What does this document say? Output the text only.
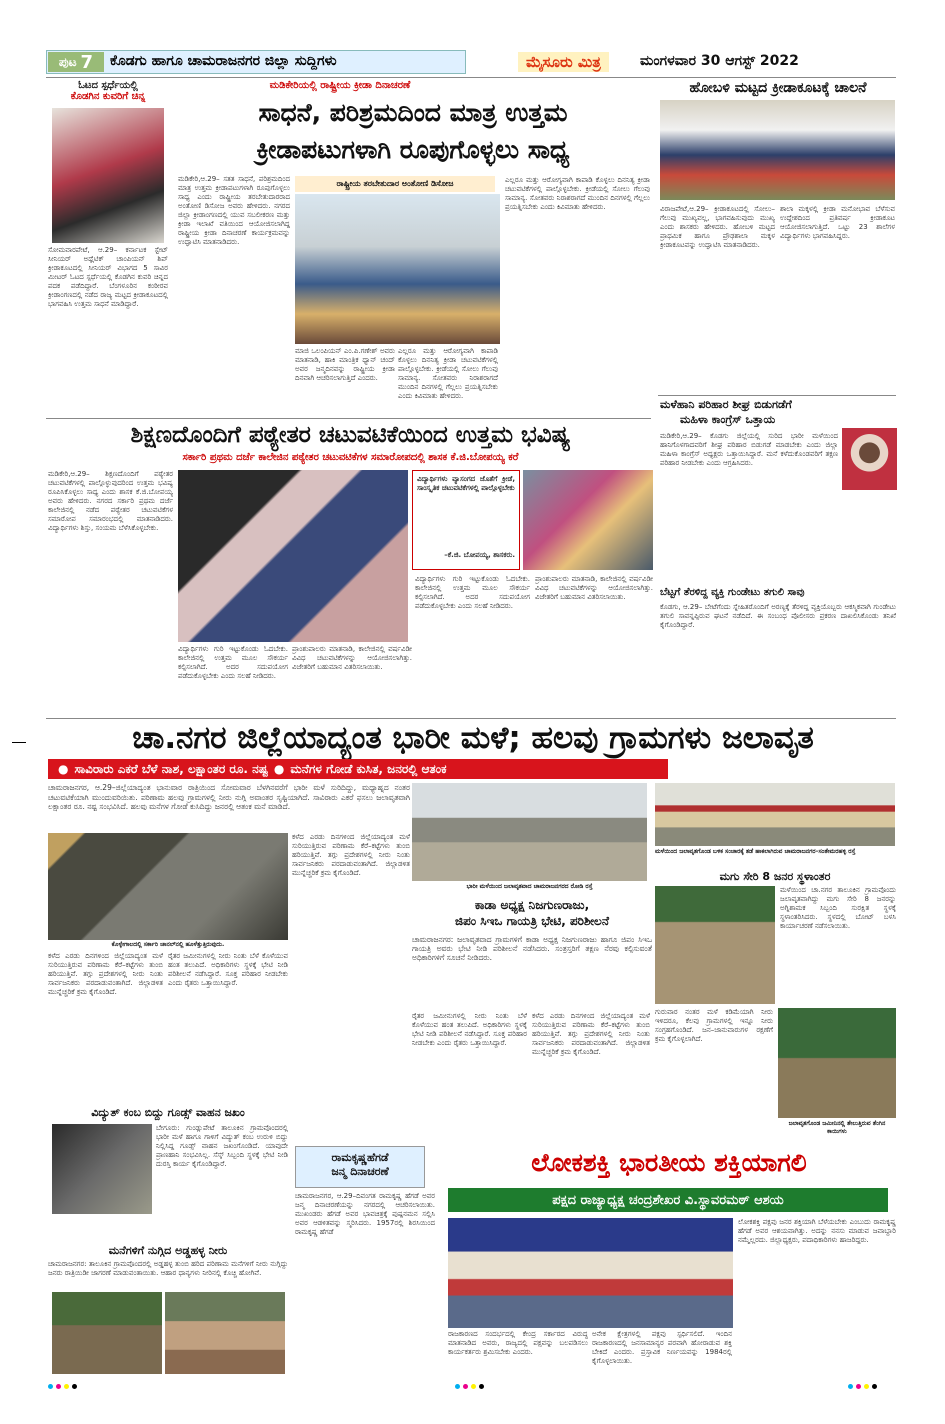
ಪುಟ 7 ಕೊಡಗು ಹಾಗೂ ಚಾಮರಾಜನಗರ ಜಿಲ್ಲಾ ಸುದ್ದಿಗಳು	ಮೈಸೂರು ಮಿತ್ರ	ಮಂಗಳವಾರ 30 ಆಗಸ್ಟ್ 2022
ಓಟದ ಸ್ಪರ್ಧೆಯಲ್ಲಿ
ಕೊಡಗಿನ ಕುವರಿಗೆ ಚಿನ್ನ
ಸೋಮವಾರಪೇಟೆ, ಆ.29– ಕರ್ನಾಟಕ ಸ್ಟೇಟ್ ಸೀನಿಯರ್ ಅಥ್ಲೆಟಿಕ್ ಚಾಂಪಿಯನ್ ಶಿಪ್ ಕ್ರೀಡಾಕೂಟದಲ್ಲಿ ಸೀನಿಯರ್ ವಿಭಾಗದ 5 ಸಾವಿರ ಮೀಟರ್ ಓಟದ ಸ್ಪರ್ಧೆಯಲ್ಲಿ ಕೊಡಗಿನ ಕುವರಿ ಚಿನ್ನದ ಪದಕ ಪಡೆದಿದ್ದಾರೆ. ಬೆಂಗಳೂರಿನ ಕಂಠೀರವ ಕ್ರೀಡಾಂಗಣದಲ್ಲಿ ನಡೆದ ರಾಜ್ಯ ಮಟ್ಟದ ಕ್ರೀಡಾಕೂಟದಲ್ಲಿ ಭಾಗವಹಿಸಿ ಉತ್ತಮ ಸಾಧನೆ ಮಾಡಿದ್ದಾರೆ.
ಮಡಿಕೇರಿಯಲ್ಲಿ ರಾಷ್ಟ್ರೀಯ ಕ್ರೀಡಾ ದಿನಾಚರಣೆ
ಸಾಧನೆ, ಪರಿಶ್ರಮದಿಂದ ಮಾತ್ರ ಉತ್ತಮ
ಕ್ರೀಡಾಪಟುಗಳಾಗಿ ರೂಪುಗೊಳ್ಳಲು ಸಾಧ್ಯ
ಮಡಿಕೇರಿ,ಆ.29– ಸತತ ಸಾಧನೆ, ಪರಿಶ್ರಮದಿಂದ ಮಾತ್ರ ಉತ್ತಮ ಕ್ರೀಡಾಪಟುಗಳಾಗಿ ರೂಪುಗೊಳ್ಳಲು ಸಾಧ್ಯ ಎಂದು ರಾಷ್ಟ್ರೀಯ ತರಬೇತುದಾರರಾದ ಅಂತೋಣಿ ಡಿಸೋಜ ಅವರು ಹೇಳಿದರು. ನಗರದ ಜಿಲ್ಲಾ ಕ್ರೀಡಾಂಗಣದಲ್ಲಿ ಯುವ ಸಬಲೀಕರಣ ಮತ್ತು ಕ್ರೀಡಾ ಇಲಾಖೆ ವತಿಯಿಂದ ಆಯೋಜಿಸಲಾಗಿದ್ದ ರಾಷ್ಟ್ರೀಯ ಕ್ರೀಡಾ ದಿನಾಚರಣೆ ಕಾರ್ಯಕ್ರಮವನ್ನು ಉದ್ಘಾಟಿಸಿ ಮಾತನಾಡಿದರು.
ರಾಷ್ಟ್ರೀಯ ತರಬೇತುದಾರ ಅಂತೋಣಿ ಡಿಸೋಜ
ಮಾಜಿ ಒಲಂಪಿಯನ್ ಎಂ.ಪಿ.ಗಣೇಶ್ ಅವರು ಮಾತನಾಡಿ, ಹಾಕಿ ಮಾಂತ್ರಿಕ ಧ್ಯಾನ್ ಚಂದ್ ಅವರ ಜನ್ಮದಿನವನ್ನು ರಾಷ್ಟ್ರೀಯ ಕ್ರೀಡಾ ದಿನವಾಗಿ ಆಚರಿಸಲಾಗುತ್ತಿದೆ ಎಂದರು.
ಎಲ್ಲರೂ ಮತ್ತು ಆರೋಗ್ಯವಾಗಿ ಕಾಪಾಡಿ ಕೊಳ್ಳಲು ದಿನನಿತ್ಯ ಕ್ರೀಡಾ ಚಟುವಟಿಕೆಗಳಲ್ಲಿ ಪಾಲ್ಗೊಳ್ಳಬೇಕು. ಕ್ರೀಡೆಯಲ್ಲಿ ಸೋಲು ಗೆಲುವು ಸಾಮಾನ್ಯ. ಸೋತವರು ನಿರಾಶರಾಗದೆ ಮುಂದಿನ ದಿನಗಳಲ್ಲಿ ಗೆಲ್ಲಲು ಪ್ರಯತ್ನಿಸಬೇಕು ಎಂದು ಕಿವಿಮಾತು ಹೇಳಿದರು.
ಎಲ್ಲರೂ ಮತ್ತು ಆರೋಗ್ಯವಾಗಿ ಕಾಪಾಡಿ ಕೊಳ್ಳಲು ದಿನನಿತ್ಯ ಕ್ರೀಡಾ ಚಟುವಟಿಕೆಗಳಲ್ಲಿ ಪಾಲ್ಗೊಳ್ಳಬೇಕು. ಕ್ರೀಡೆಯಲ್ಲಿ ಸೋಲು ಗೆಲುವು ಸಾಮಾನ್ಯ. ಸೋತವರು ನಿರಾಶರಾಗದೆ ಮುಂದಿನ ದಿನಗಳಲ್ಲಿ ಗೆಲ್ಲಲು ಪ್ರಯತ್ನಿಸಬೇಕು ಎಂದು ಕಿವಿಮಾತು ಹೇಳಿದರು.
ಹೋಬಳಿ ಮಟ್ಟದ ಕ್ರೀಡಾಕೂಟಕ್ಕೆ ಚಾಲನೆ
ವಿರಾಜಪೇಟೆ,ಆ.29– ಕ್ರೀಡಾಕೂಟದಲ್ಲಿ ಸೋಲು–ಗೆಲುವು ಮುಖ್ಯವಲ್ಲ, ಭಾಗವಹಿಸುವುದು ಮುಖ್ಯ ಎಂದು ಶಾಸಕರು ಹೇಳಿದರು. ಹೋಬಳಿ ಮಟ್ಟದ ಪ್ರಾಥಮಿಕ ಹಾಗೂ ಪ್ರೌಢಶಾಲಾ ಮಕ್ಕಳ ಕ್ರೀಡಾಕೂಟವನ್ನು ಉದ್ಘಾಟಿಸಿ ಮಾತನಾಡಿದರು.
ಶಾಲಾ ಮಕ್ಕಳಲ್ಲಿ ಕ್ರೀಡಾ ಮನೋಭಾವ ಬೆಳೆಸುವ ಉದ್ದೇಶದಿಂದ ಪ್ರತಿವರ್ಷ ಕ್ರೀಡಾಕೂಟ ಆಯೋಜಿಸಲಾಗುತ್ತಿದೆ. ಒಟ್ಟು 23 ಶಾಲೆಗಳ ವಿದ್ಯಾರ್ಥಿಗಳು ಭಾಗವಹಿಸಿದ್ದರು.
ಮಳೆಹಾನಿ ಪರಿಹಾರ ಶೀಘ್ರ ಬಿಡುಗಡೆಗೆ
ಮಹಿಳಾ ಕಾಂಗ್ರೆಸ್ ಒತ್ತಾಯ
ಮಡಿಕೇರಿ,ಆ.29– ಕೊಡಗು ಜಿಲ್ಲೆಯಲ್ಲಿ ಸುರಿದ ಭಾರೀ ಮಳೆಯಿಂದ ಹಾನಿಗೊಳಗಾದವರಿಗೆ ಶೀಘ್ರ ಪರಿಹಾರ ಬಿಡುಗಡೆ ಮಾಡಬೇಕು ಎಂದು ಜಿಲ್ಲಾ ಮಹಿಳಾ ಕಾಂಗ್ರೆಸ್ ಅಧ್ಯಕ್ಷರು ಒತ್ತಾಯಿಸಿದ್ದಾರೆ. ಮನೆ ಕಳೆದುಕೊಂಡವರಿಗೆ ತಕ್ಷಣ ಪರಿಹಾರ ನೀಡಬೇಕು ಎಂದು ಆಗ್ರಹಿಸಿದರು.
ಬೆಟ್ಟಗೆ ತೆರಳಿದ್ದ ವ್ಯಕ್ತಿ ಗುಂಡೇಟು ತಗುಲಿ ಸಾವು
ಕೊಡಗು, ಆ.29– ಬೇಟೆಗೆಂದು ಸ್ನೇಹಿತರೊಂದಿಗೆ ಅರಣ್ಯಕ್ಕೆ ತೆರಳಿದ್ದ ವ್ಯಕ್ತಿಯೊಬ್ಬರು ಆಕಸ್ಮಿಕವಾಗಿ ಗುಂಡೇಟು ತಗುಲಿ ಸಾವನ್ನಪ್ಪಿರುವ ಘಟನೆ ನಡೆದಿದೆ. ಈ ಸಂಬಂಧ ಪೊಲೀಸರು ಪ್ರಕರಣ ದಾಖಲಿಸಿಕೊಂಡು ತನಿಖೆ ಕೈಗೊಂಡಿದ್ದಾರೆ.
ಶಿಕ್ಷಣದೊಂದಿಗೆ ಪಠ್ಯೇತರ ಚಟುವಟಿಕೆಯಿಂದ ಉತ್ತಮ ಭವಿಷ್ಯ
ಸರ್ಕಾರಿ ಪ್ರಥಮ ದರ್ಜೆ ಕಾಲೇಜಿನ ಪಠ್ಯೇತರ ಚಟುವಟಿಕೆಗಳ ಸಮಾರೋಪದಲ್ಲಿ ಶಾಸಕ ಕೆ.ಜಿ.ಬೋಪಯ್ಯ ಕರೆ
ಮಡಿಕೇರಿ,ಆ.29– ಶಿಕ್ಷಣದೊಂದಿಗೆ ಪಠ್ಯೇತರ ಚಟುವಟಿಕೆಗಳಲ್ಲಿ ಪಾಲ್ಗೊಳ್ಳುವುದರಿಂದ ಉತ್ತಮ ಭವಿಷ್ಯ ರೂಪಿಸಿಕೊಳ್ಳಲು ಸಾಧ್ಯ ಎಂದು ಶಾಸಕ ಕೆ.ಜಿ.ಬೋಪಯ್ಯ ಅವರು ಹೇಳಿದರು. ನಗರದ ಸರ್ಕಾರಿ ಪ್ರಥಮ ದರ್ಜೆ ಕಾಲೇಜಿನಲ್ಲಿ ನಡೆದ ಪಠ್ಯೇತರ ಚಟುವಟಿಕೆಗಳ ಸಮಾರೋಪ ಸಮಾರಂಭದಲ್ಲಿ ಮಾತನಾಡಿದರು. ವಿದ್ಯಾರ್ಥಿಗಳು ಶಿಸ್ತು, ಸಂಯಮ ಬೆಳೆಸಿಕೊಳ್ಳಬೇಕು.
ವಿದ್ಯಾರ್ಥಿಗಳು ವ್ಯಾಸಂಗದ ಜೊತೆಗೆ ಕ್ರೀಡೆ, ಸಾಂಸ್ಕೃತಿಕ ಚಟುವಟಿಕೆಗಳಲ್ಲಿ ಪಾಲ್ಗೊಳ್ಳಬೇಕು
–ಕೆ.ಜಿ. ಬೋಪಯ್ಯ, ಶಾಸಕರು.
ವಿದ್ಯಾರ್ಥಿಗಳು ಗುರಿ ಇಟ್ಟುಕೊಂಡು ಓದಬೇಕು. ಕಾಲೇಜಿನಲ್ಲಿ ಉತ್ತಮ ಮೂಲ ಸೌಕರ್ಯ ಕಲ್ಪಿಸಲಾಗಿದೆ. ಅದರ ಸದುಪಯೋಗ ಪಡೆದುಕೊಳ್ಳಬೇಕು ಎಂದು ಸಲಹೆ ನೀಡಿದರು.
ಪ್ರಾಂಶುಪಾಲರು ಮಾತನಾಡಿ, ಕಾಲೇಜಿನಲ್ಲಿ ವರ್ಷವಿಡೀ ವಿವಿಧ ಚಟುವಟಿಕೆಗಳನ್ನು ಆಯೋಜಿಸಲಾಗಿತ್ತು. ವಿಜೇತರಿಗೆ ಬಹುಮಾನ ವಿತರಿಸಲಾಯಿತು.
ವಿದ್ಯಾರ್ಥಿಗಳು ಗುರಿ ಇಟ್ಟುಕೊಂಡು ಓದಬೇಕು. ಕಾಲೇಜಿನಲ್ಲಿ ಉತ್ತಮ ಮೂಲ ಸೌಕರ್ಯ ಕಲ್ಪಿಸಲಾಗಿದೆ. ಅದರ ಸದುಪಯೋಗ ಪಡೆದುಕೊಳ್ಳಬೇಕು ಎಂದು ಸಲಹೆ ನೀಡಿದರು.
ಪ್ರಾಂಶುಪಾಲರು ಮಾತನಾಡಿ, ಕಾಲೇಜಿನಲ್ಲಿ ವರ್ಷವಿಡೀ ವಿವಿಧ ಚಟುವಟಿಕೆಗಳನ್ನು ಆಯೋಜಿಸಲಾಗಿತ್ತು. ವಿಜೇತರಿಗೆ ಬಹುಮಾನ ವಿತರಿಸಲಾಯಿತು.
ಚಾ.ನಗರ ಜಿಲ್ಲೆಯಾದ್ಯಂತ ಭಾರೀ ಮಳೆ; ಹಲವು ಗ್ರಾಮಗಳು ಜಲಾವೃತ
● ಸಾವಿರಾರು ಎಕರೆ ಬೆಳೆ ನಾಶ, ಲಕ್ಷಾಂತರ ರೂ. ನಷ್ಟ ● ಮನೆಗಳ ಗೋಡೆ ಕುಸಿತ, ಜನರಲ್ಲಿ ಆತಂಕ
ಚಾಮರಾಜನಗರ, ಆ.29–ಜಿಲ್ಲೆಯಾದ್ಯಂತ ಭಾನುವಾರ ರಾತ್ರಿಯಿಂದ ಸೋಮವಾರ ಬೆಳಗಿನವರೆಗೆ ಭಾರೀ ಮಳೆ ಸುರಿದಿದ್ದು, ಮಧ್ಯಾಹ್ನದ ನಂತರ ಚಟುವಟಿಕೆಯಾಗಿ ಮುಂದುವರಿಯಿತು. ಪರಿಣಾಮ ಹಲವು ಗ್ರಾಮಗಳಲ್ಲಿ ನೀರು ನುಗ್ಗಿ ಅವಾಂತರ ಸೃಷ್ಟಿಯಾಗಿದೆ. ಸಾವಿರಾರು ಎಕರೆ ಫಸಲು ಜಲಾವೃತವಾಗಿ ಲಕ್ಷಾಂತರ ರೂ. ನಷ್ಟ ಸಂಭವಿಸಿದೆ. ಹಲವು ಮನೆಗಳ ಗೋಡೆ ಕುಸಿದಿದ್ದು ಜನರಲ್ಲಿ ಆತಂಕ ಮನೆ ಮಾಡಿದೆ.
ಕೊಳ್ಳೇಗಾಲದಲ್ಲಿ ಸರ್ಕಾರಿ ಚಾನಲ್‌ನಲ್ಲಿ ಹೂಳೆತ್ತುತ್ತಿರುವುದು.
ಭಾರೀ ಮಳೆಯಿಂದ ಜಲಾವೃತವಾದ ಚಾಮರಾಜನಗರದ ರೋಡಿ ರಸ್ತೆ
ಮಳೆಯಿಂದ ಜಲಾವೃತಗೊಂಡ ಬಳಿಕ ಸಂಚಾರಕ್ಕೆ ತಡೆ ಹಾಕಲಾಗಿರುವ ಚಾಮರಾಜನಗರ–ಸಂತೇಮರಹಳ್ಳಿ ರಸ್ತೆ
ಕಳೆದ ಎರಡು ದಿನಗಳಿಂದ ಜಿಲ್ಲೆಯಾದ್ಯಂತ ಮಳೆ ಸುರಿಯುತ್ತಿರುವ ಪರಿಣಾಮ ಕೆರೆ–ಕಟ್ಟೆಗಳು ತುಂಬಿ ಹರಿಯುತ್ತಿವೆ. ತಗ್ಗು ಪ್ರದೇಶಗಳಲ್ಲಿ ನೀರು ನಿಂತು ಸಾರ್ವಜನಿಕರು ಪರದಾಡುವಂತಾಗಿದೆ. ಜಿಲ್ಲಾಡಳಿತ ಮುನ್ನೆಚ್ಚರಿಕೆ ಕ್ರಮ ಕೈಗೊಂಡಿದೆ.
ರೈತರ ಜಮೀನುಗಳಲ್ಲಿ ನೀರು ನಿಂತು ಬೆಳೆ ಕೊಳೆಯುವ ಹಂತ ತಲುಪಿದೆ. ಅಧಿಕಾರಿಗಳು ಸ್ಥಳಕ್ಕೆ ಭೇಟಿ ನೀಡಿ ಪರಿಶೀಲನೆ ನಡೆಸಿದ್ದಾರೆ. ಸೂಕ್ತ ಪರಿಹಾರ ನೀಡಬೇಕು ಎಂದು ರೈತರು ಒತ್ತಾಯಿಸಿದ್ದಾರೆ.
ಕಳೆದ ಎರಡು ದಿನಗಳಿಂದ ಜಿಲ್ಲೆಯಾದ್ಯಂತ ಮಳೆ ಸುರಿಯುತ್ತಿರುವ ಪರಿಣಾಮ ಕೆರೆ–ಕಟ್ಟೆಗಳು ತುಂಬಿ ಹರಿಯುತ್ತಿವೆ. ತಗ್ಗು ಪ್ರದೇಶಗಳಲ್ಲಿ ನೀರು ನಿಂತು ಸಾರ್ವಜನಿಕರು ಪರದಾಡುವಂತಾಗಿದೆ. ಜಿಲ್ಲಾಡಳಿತ ಮುನ್ನೆಚ್ಚರಿಕೆ ಕ್ರಮ ಕೈಗೊಂಡಿದೆ.
ಕಾಡಾ ಅಧ್ಯಕ್ಷ ನಿಜಗುಣರಾಜು,
ಜಿಪಂ ಸಿಇಒ ಗಾಯತ್ರಿ ಭೇಟಿ, ಪರಿಶೀಲನೆ
ಚಾಮರಾಜನಗರ: ಜಲಾವೃತವಾದ ಗ್ರಾಮಗಳಿಗೆ ಕಾಡಾ ಅಧ್ಯಕ್ಷ ನಿಜಗುಣರಾಜು ಹಾಗೂ ಜಿಪಂ ಸಿಇಒ ಗಾಯತ್ರಿ ಅವರು ಭೇಟಿ ನೀಡಿ ಪರಿಶೀಲನೆ ನಡೆಸಿದರು. ಸಂತ್ರಸ್ತರಿಗೆ ತಕ್ಷಣ ನೆರವು ಕಲ್ಪಿಸುವಂತೆ ಅಧಿಕಾರಿಗಳಿಗೆ ಸೂಚನೆ ನೀಡಿದರು.
ರೈತರ ಜಮೀನುಗಳಲ್ಲಿ ನೀರು ನಿಂತು ಬೆಳೆ ಕೊಳೆಯುವ ಹಂತ ತಲುಪಿದೆ. ಅಧಿಕಾರಿಗಳು ಸ್ಥಳಕ್ಕೆ ಭೇಟಿ ನೀಡಿ ಪರಿಶೀಲನೆ ನಡೆಸಿದ್ದಾರೆ. ಸೂಕ್ತ ಪರಿಹಾರ ನೀಡಬೇಕು ಎಂದು ರೈತರು ಒತ್ತಾಯಿಸಿದ್ದಾರೆ.
ಕಳೆದ ಎರಡು ದಿನಗಳಿಂದ ಜಿಲ್ಲೆಯಾದ್ಯಂತ ಮಳೆ ಸುರಿಯುತ್ತಿರುವ ಪರಿಣಾಮ ಕೆರೆ–ಕಟ್ಟೆಗಳು ತುಂಬಿ ಹರಿಯುತ್ತಿವೆ. ತಗ್ಗು ಪ್ರದೇಶಗಳಲ್ಲಿ ನೀರು ನಿಂತು ಸಾರ್ವಜನಿಕರು ಪರದಾಡುವಂತಾಗಿದೆ. ಜಿಲ್ಲಾಡಳಿತ ಮುನ್ನೆಚ್ಚರಿಕೆ ಕ್ರಮ ಕೈಗೊಂಡಿದೆ.
ಮಗು ಸೇರಿ 8 ಜನರ ಸ್ಥಳಾಂತರ
ಮಳೆಯಿಂದ ಚಾ.ನಗರ ತಾಲೂಕಿನ ಗ್ರಾಮವೊಂದು ಜಲಾವೃತವಾಗಿದ್ದು ಮಗು ಸೇರಿ 8 ಜನರನ್ನು ಅಗ್ನಿಶಾಮಕ ಸಿಬ್ಬಂದಿ ಸುರಕ್ಷಿತ ಸ್ಥಳಕ್ಕೆ ಸ್ಥಳಾಂತರಿಸಿದರು. ಸ್ಥಳದಲ್ಲಿ ಬೋಟ್ ಬಳಸಿ ಕಾರ್ಯಾಚರಣೆ ನಡೆಸಲಾಯಿತು.
ಗುರುವಾರ ನಂತರ ಮಳೆ ಕಡಿಮೆಯಾಗಿ ನೀರು ಇಳಿದರೂ, ಕೆಲವು ಗ್ರಾಮಗಳಲ್ಲಿ ಇನ್ನೂ ನೀರು ಸಂಗ್ರಹಗೊಂಡಿದೆ. ಜನ–ಜಾನುವಾರುಗಳ ರಕ್ಷಣೆಗೆ ಕ್ರಮ ಕೈಗೊಳ್ಳಲಾಗಿದೆ.
ಜಲಾವೃತಗೊಂಡ ಜಮೀನಿನಲ್ಲಿ ತೇಲುತ್ತಿರುವ ತೆಂಗಿನ ಕಾಯಿಗಳು
ವಿದ್ಯುತ್ ಕಂಬ ಬಿದ್ದು ಗೂಡ್ಸ್ ವಾಹನ ಜಖಂ
ಬೇಗೂರು: ಗುಂಡ್ಲುಪೇಟೆ ತಾಲೂಕಿನ ಗ್ರಾಮವೊಂದರಲ್ಲಿ ಭಾರೀ ಮಳೆ ಹಾಗೂ ಗಾಳಿಗೆ ವಿದ್ಯುತ್ ಕಂಬ ಉರುಳಿ ಬಿದ್ದು ನಿಲ್ಲಿಸಿದ್ದ ಗೂಡ್ಸ್ ವಾಹನ ಜಖಂಗೊಂಡಿದೆ. ಯಾವುದೇ ಪ್ರಾಣಹಾನಿ ಸಂಭವಿಸಿಲ್ಲ. ಸೆಸ್ಕ್ ಸಿಬ್ಬಂದಿ ಸ್ಥಳಕ್ಕೆ ಭೇಟಿ ನೀಡಿ ದುರಸ್ತಿ ಕಾರ್ಯ ಕೈಗೊಂಡಿದ್ದಾರೆ.
ಮನೆಗಳಿಗೆ ನುಗ್ಗಿದ ಅಡ್ಡಹಳ್ಳ ನೀರು
ಚಾಮರಾಜನಗರ: ತಾಲೂಕಿನ ಗ್ರಾಮವೊಂದರಲ್ಲಿ ಅಡ್ಡಹಳ್ಳ ತುಂಬಿ ಹರಿದ ಪರಿಣಾಮ ಮನೆಗಳಿಗೆ ನೀರು ನುಗ್ಗಿದ್ದು ಜನರು ರಾತ್ರಿಯಿಡೀ ಜಾಗರಣೆ ಮಾಡುವಂತಾಯಿತು. ಆಹಾರ ಧಾನ್ಯಗಳು ನೀರಿನಲ್ಲಿ ಕೊಚ್ಚಿ ಹೋಗಿವೆ.
ರಾಮಕೃಷ್ಣಹೆಗಡೆ
ಜನ್ಮ ದಿನಾಚರಣೆ
ಚಾಮರಾಜನಗರ, ಆ.29–ದಿವಂಗತ ರಾಮಕೃಷ್ಣ ಹೆಗಡೆ ಅವರ ಜನ್ಮ ದಿನಾಚರಣೆಯನ್ನು ನಗರದಲ್ಲಿ ಆಚರಿಸಲಾಯಿತು. ಮುಖಂಡರು ಹೆಗಡೆ ಅವರ ಭಾವಚಿತ್ರಕ್ಕೆ ಪುಷ್ಪನಮನ ಸಲ್ಲಿಸಿ ಅವರ ಆಡಳಿತವನ್ನು ಸ್ಮರಿಸಿದರು. 1957ರಲ್ಲಿ ಶಿರಸಿಯಿಂದ ರಾಮಕೃಷ್ಣ ಹೆಗಡೆ
ಲೋಕಶಕ್ತಿ ಭಾರತೀಯ ಶಕ್ತಿಯಾಗಲಿ
ಪಕ್ಷದ ರಾಜ್ಯಾಧ್ಯಕ್ಷ ಚಂದ್ರಶೇಖರ ವಿ.ಸ್ಥಾವರಮಠ್ ಆಶಯ
ರಾಜಕಾರಣದ ಸಂದರ್ಭದಲ್ಲಿ ಕೇಂದ್ರ ಸರ್ಕಾರದ ವಿರುದ್ಧ ಮಾತನಾಡಿದ ಅವರು, ರಾಜ್ಯದಲ್ಲಿ ಪಕ್ಷವನ್ನು ಬಲಪಡಿಸಲು ಕಾರ್ಯಕರ್ತರು ಶ್ರಮಿಸಬೇಕು ಎಂದರು.
ಅನೇಕ ಕ್ಷೇತ್ರಗಳಲ್ಲಿ ಪಕ್ಷವು ಸ್ಪರ್ಧಿಸಲಿದೆ. ಇಂದಿನ ರಾಜಕಾರಣದಲ್ಲಿ ಜನಸಾಮಾನ್ಯರ ಪರವಾಗಿ ಹೋರಾಡುವ ಶಕ್ತಿ ಬೇಕಿದೆ ಎಂದರು. ಪ್ರಸ್ತಾವಿಕ ನಿರ್ಣಯವನ್ನು 1984ರಲ್ಲಿ ಕೈಗೊಳ್ಳಲಾಯಿತು.
ಲೋಕಶಕ್ತಿ ಪಕ್ಷವು ಜನರ ಶಕ್ತಿಯಾಗಿ ಬೆಳೆಯಬೇಕು ಎಂಬುದು ರಾಮಕೃಷ್ಣ ಹೆಗಡೆ ಅವರ ಆಶಯವಾಗಿತ್ತು. ಅದನ್ನು ನನಸು ಮಾಡುವ ಜವಾಬ್ದಾರಿ ನಮ್ಮೆಲ್ಲರದು. ಜಿಲ್ಲಾಧ್ಯಕ್ಷರು, ಪದಾಧಿಕಾರಿಗಳು ಹಾಜರಿದ್ದರು.
